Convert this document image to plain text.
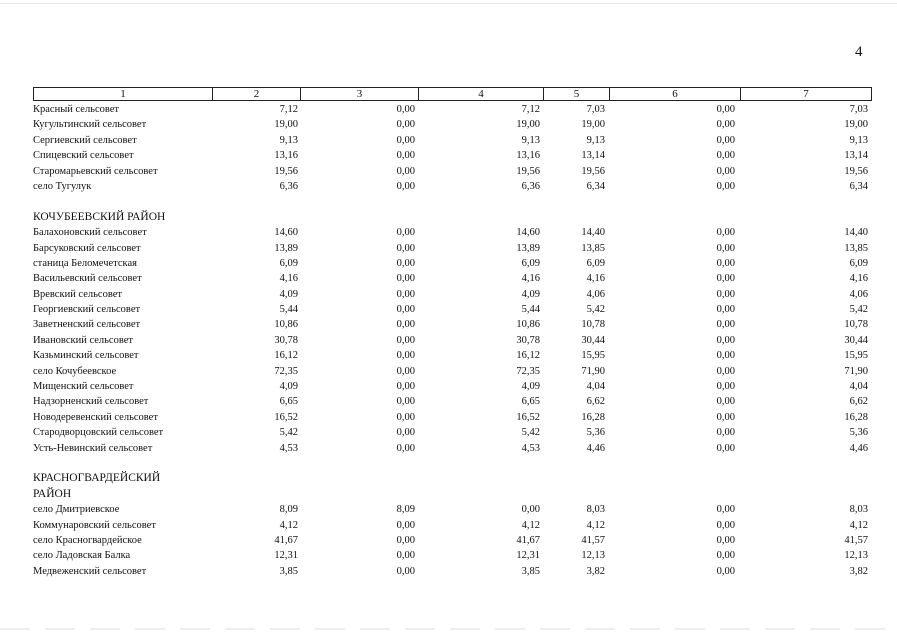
4
1	2	3	4	5	6	7
Красный сельсовет	7,12	0,00	7,12	7,03	0,00	7,03
Кугультинский сельсовет	19,00	0,00	19,00	19,00	0,00	19,00
Сергиевский сельсовет	9,13	0,00	9,13	9,13	0,00	9,13
Спицевский сельсовет	13,16	0,00	13,16	13,14	0,00	13,14
Старомарьевский сельсовет	19,56	0,00	19,56	19,56	0,00	19,56
село Тугулук	6,36	0,00	6,36	6,34	0,00	6,34
КОЧУБЕЕВСКИЙ РАЙОН
Балахоновский сельсовет	14,60	0,00	14,60	14,40	0,00	14,40
Барсуковский сельсовет	13,89	0,00	13,89	13,85	0,00	13,85
станица Беломечетская	6,09	0,00	6,09	6,09	0,00	6,09
Васильевский сельсовет	4,16	0,00	4,16	4,16	0,00	4,16
Вревский сельсовет	4,09	0,00	4,09	4,06	0,00	4,06
Георгиевский сельсовет	5,44	0,00	5,44	5,42	0,00	5,42
Заветненский сельсовет	10,86	0,00	10,86	10,78	0,00	10,78
Ивановский сельсовет	30,78	0,00	30,78	30,44	0,00	30,44
Казьминский сельсовет	16,12	0,00	16,12	15,95	0,00	15,95
село Кочубеевское	72,35	0,00	72,35	71,90	0,00	71,90
Мищенский сельсовет	4,09	0,00	4,09	4,04	0,00	4,04
Надзорненский сельсовет	6,65	0,00	6,65	6,62	0,00	6,62
Новодеревенский сельсовет	16,52	0,00	16,52	16,28	0,00	16,28
Стародворцовский сельсовет	5,42	0,00	5,42	5,36	0,00	5,36
Усть-Невинский сельсовет	4,53	0,00	4,53	4,46	0,00	4,46
КРАСНОГВАРДЕЙСКИЙ
РАЙОН
село Дмитриевское	8,09	8,09	0,00	8,03	0,00	8,03
Коммунаровский сельсовет	4,12	0,00	4,12	4,12	0,00	4,12
село Красногвардейское	41,67	0,00	41,67	41,57	0,00	41,57
село Ладовская Балка	12,31	0,00	12,31	12,13	0,00	12,13
Медвеженский сельсовет	3,85	0,00	3,85	3,82	0,00	3,82
